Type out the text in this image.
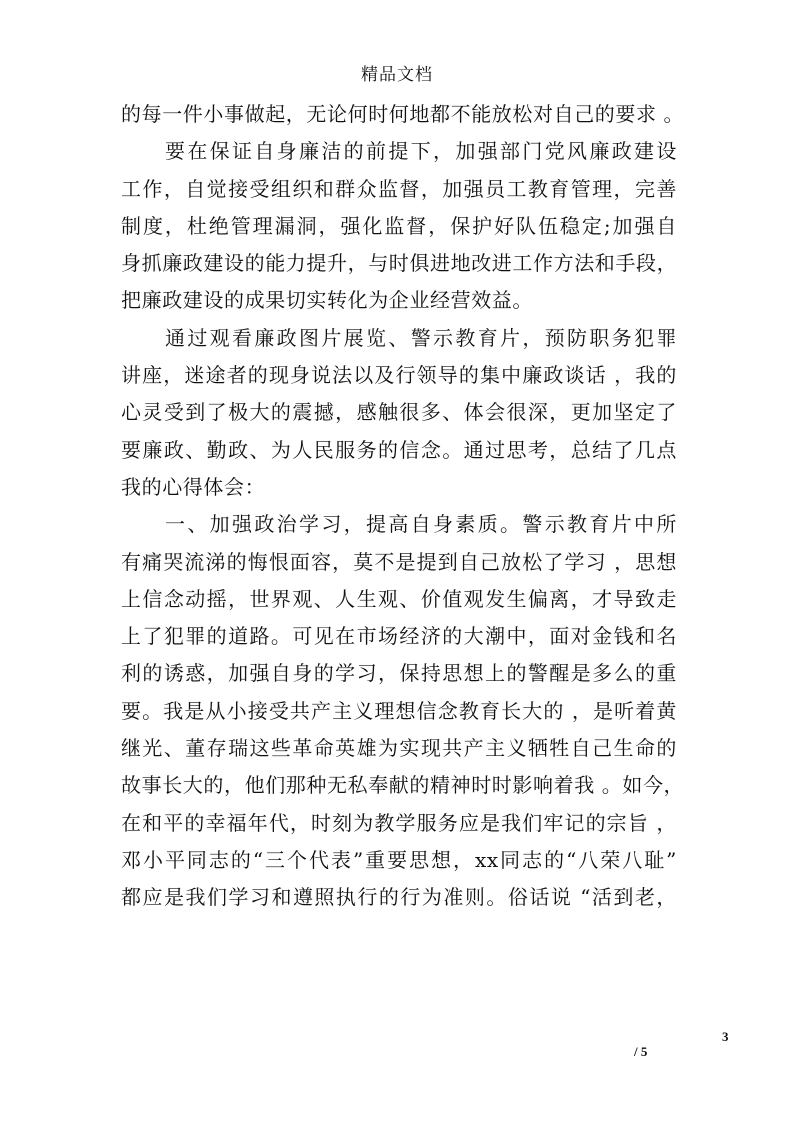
精品文档
的每一件小事做起，无论何时何地都不能放松对自己的要求 。
要在保证自身廉洁的前提下，加强部门党风廉政建设
工作，自觉接受组织和群众监督，加强员工教育管理，完善
制度，杜绝管理漏洞，强化监督，保护好队伍稳定;加强自
身抓廉政建设的能力提升，与时俱进地改进工作方法和手段，
把廉政建设的成果切实转化为企业经营效益。
通过观看廉政图片展览、警示教育片，预防职务犯罪
讲座，迷途者的现身说法以及行领导的集中廉政谈话 ，我的
心灵受到了极大的震撼，感触很多、体会很深，更加坚定了
要廉政、勤政、为人民服务的信念。通过思考，总结了几点
我的心得体会：
一、加强政治学习，提高自身素质。警示教育片中所
有痛哭流涕的悔恨面容，莫不是提到自己放松了学习 ，思想
上信念动摇，世界观、人生观、价值观发生偏离，才导致走
上了犯罪的道路。可见在市场经济的大潮中，面对金钱和名
利的诱惑，加强自身的学习，保持思想上的警醒是多么的重
要。我是从小接受共产主义理想信念教育长大的 ，是听着黄
继光、董存瑞这些革命英雄为实现共产主义牺牲自己生命的
故事长大的，他们那种无私奉献的精神时时影响着我 。如今，
在和平的幸福年代，时刻为教学服务应是我们牢记的宗旨 ，
邓小平同志的“三个代表”重要思想，xx同志的“八荣八耻”
都应是我们学习和遵照执行的行为准则。俗话说 “活到老，
3
/ 5
